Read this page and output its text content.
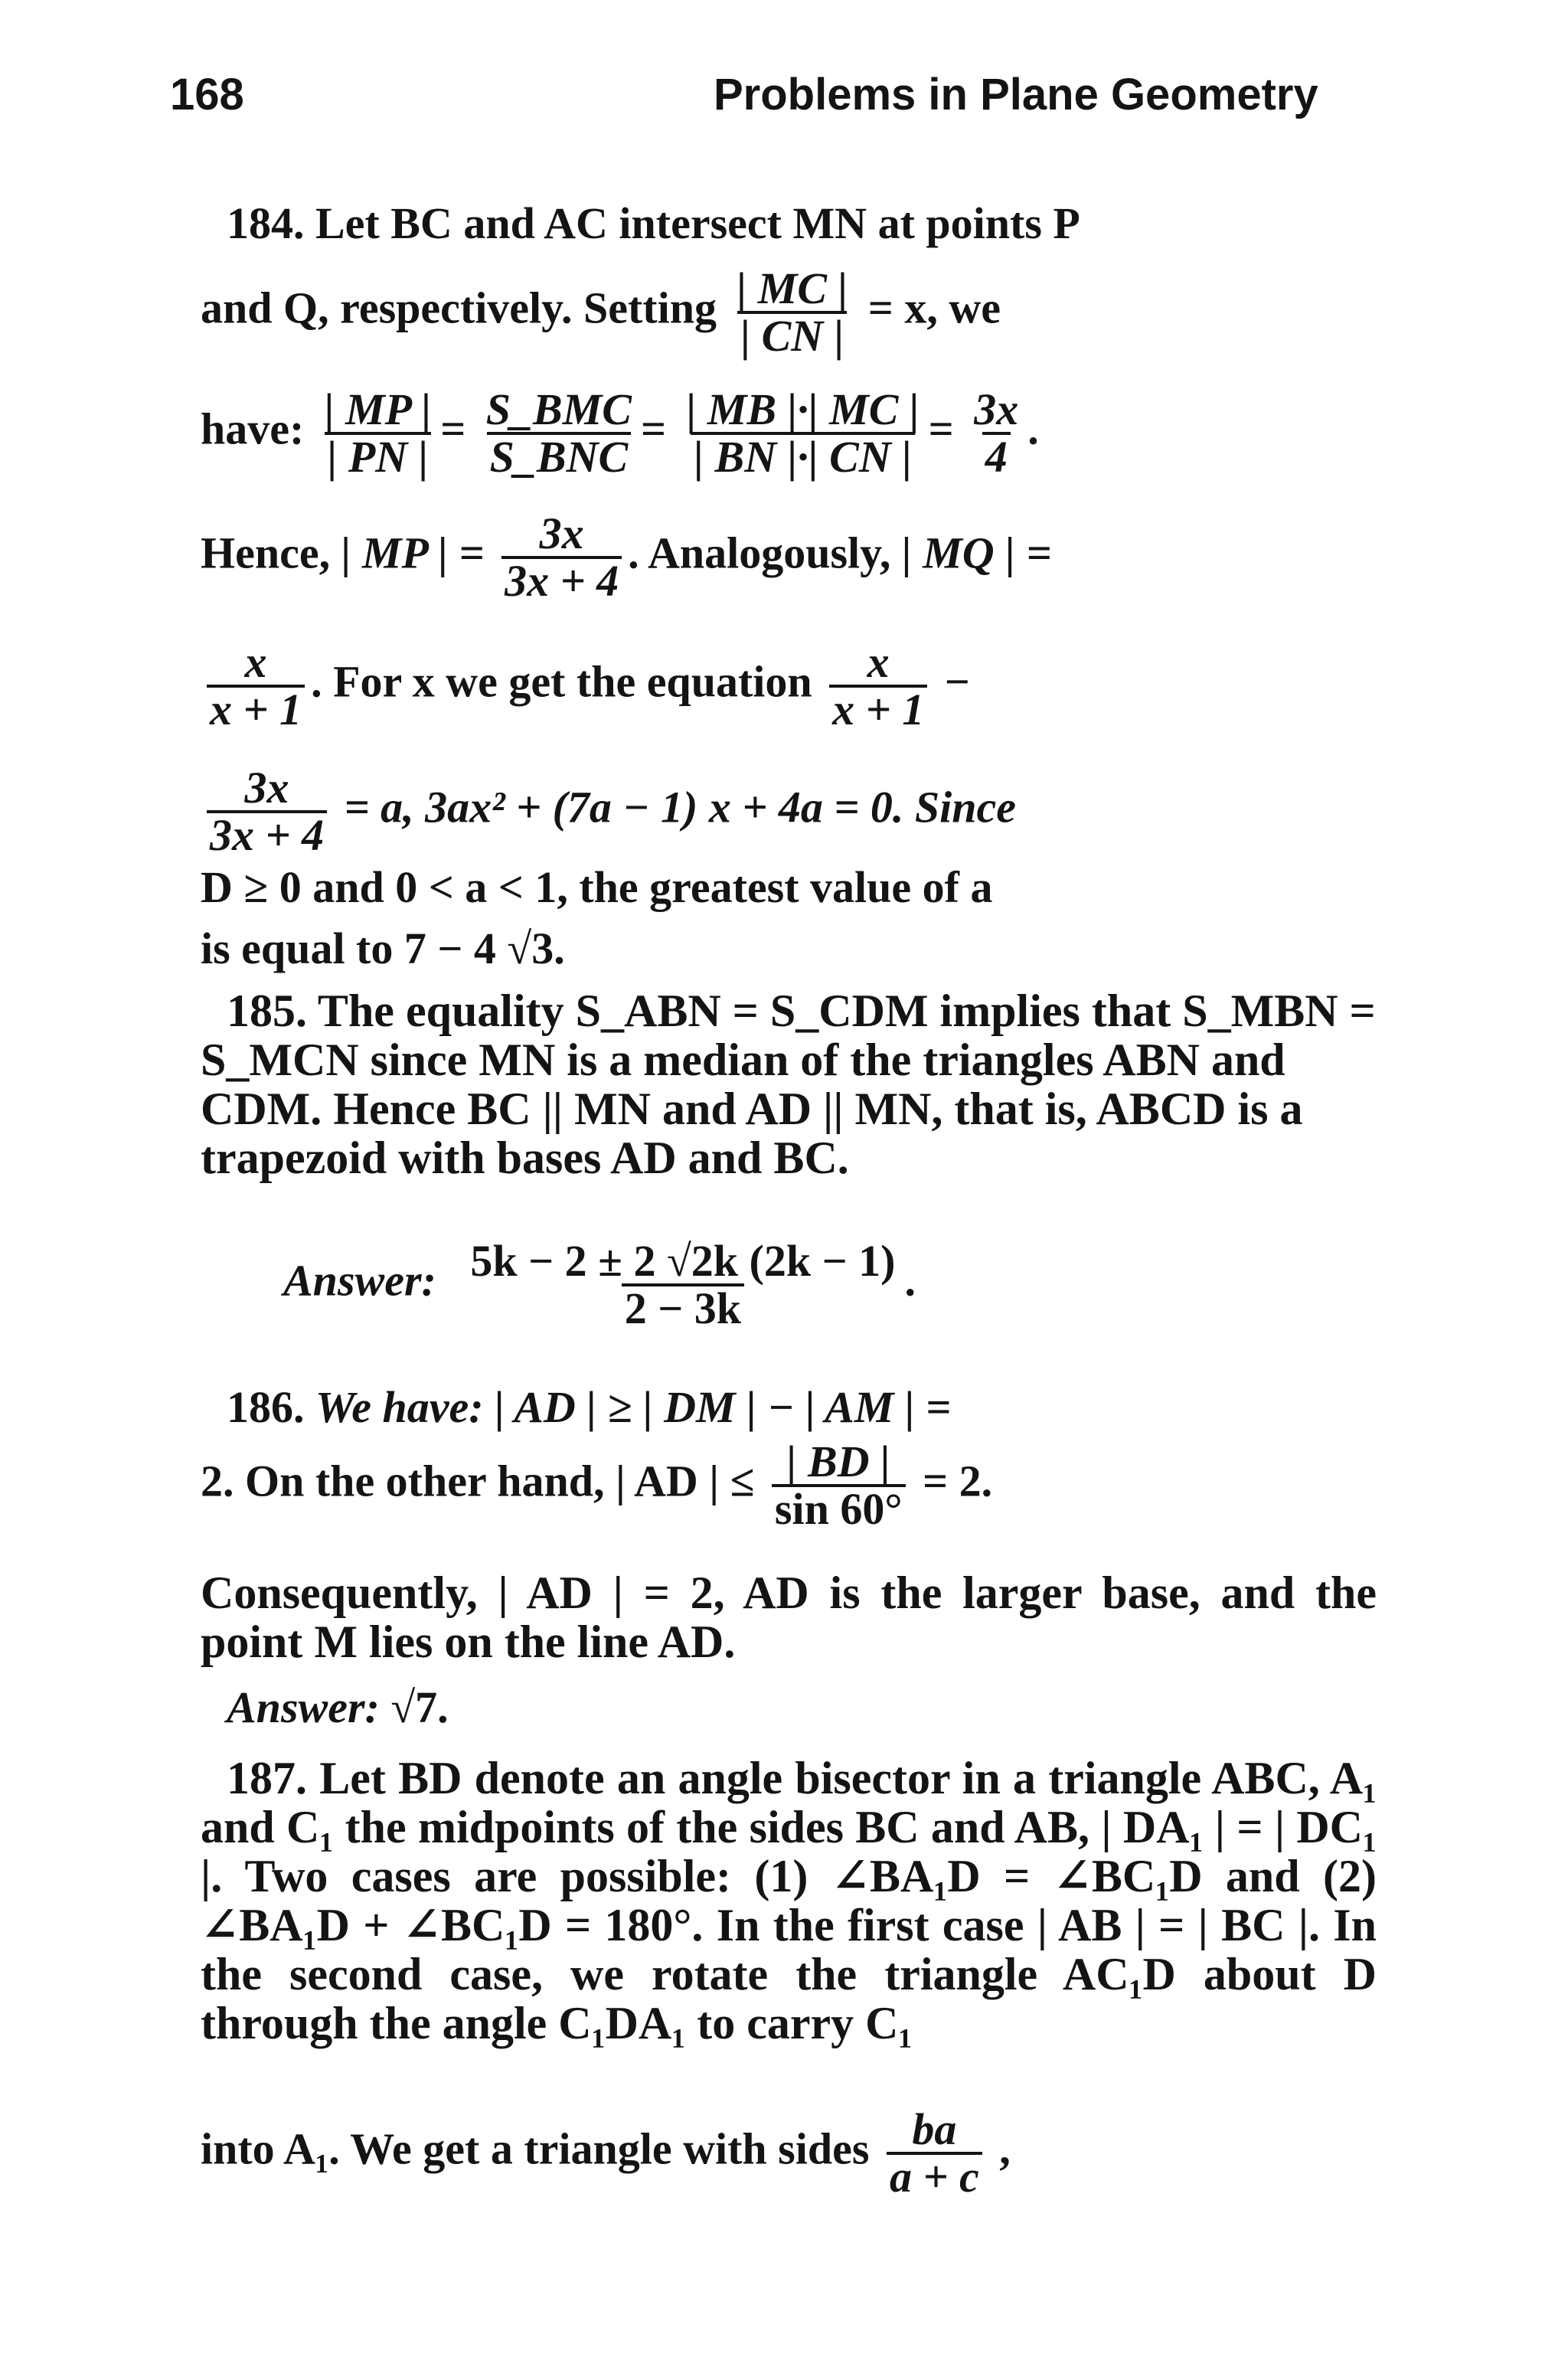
168	Problems in Plane Geometry
184. Let BC and AC intersect MN at points P
and Q, respectively. Setting $\frac{| MC |}{| CN |} = x$, we
have: $\frac{| MP |}{| PN |} = \frac{\text{S\_BMC}}{\text{S\_BNC}} = \frac{| MB |\cdot| MC |}{| BN |\cdot| CN |} = \frac{3x}{4}$ .
Hence, | MP | = $\frac{3x}{3x + 4}$ . Analogously, | MQ | =
$\frac{x}{x + 1}$ . For x we get the equation $\frac{x}{x + 1}$ −
$\frac{3x}{3x + 4} = a$, 3ax² + (7a − 1) x + 4a = 0. Since
D ≥ 0 and 0 < a < 1, the greatest value of a
is equal to 7 − 4 √3.
185. The equality S_ABN = S_CDM implies that S_MBN = S_MCN since MN is a median of the triangles ABN and CDM. Hence BC || MN and AD || MN, that is, ABCD is a trapezoid with bases AD and BC.
Answer: $\frac{5k - 2 \pm 2 √2k (2k - 1)}{2 - 3k}$ .
186. We have: | AD | ≥ | DM | − | AM | =
2. On the other hand, | AD | ≤ $\frac{| BD |}{\sin 60^\circ} = 2$.
Consequently, | AD | = 2, AD is the larger base, and the point M lies on the line AD.
Answer: √7.
187. Let BD denote an angle bisector in a triangle ABC, A₁ and C₁ the midpoints of the sides BC and AB, | DA₁ | = | DC₁ |. Two cases are possible: (1) ∠BA₁D = ∠BC₁D and (2) ∠BA₁D + ∠BC₁D = 180°. In the first case | AB | = | BC |. In the second case, we rotate the triangle AC₁D about D through the angle C₁DA₁ to carry C₁
into A₁. We get a triangle with sides $\frac{ba}{a + c}$ ,
